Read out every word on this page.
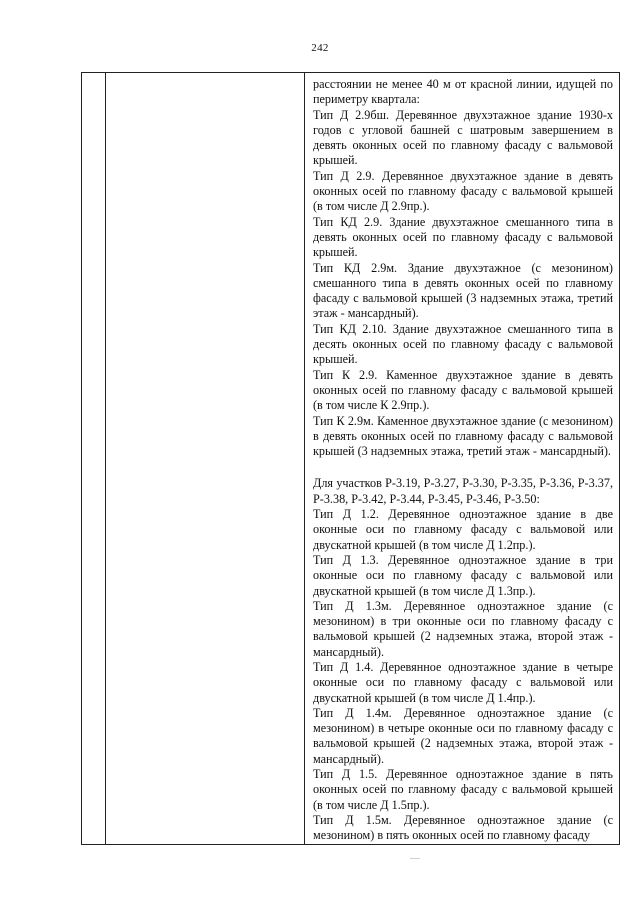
242

расстоянии не менее 40 м от красной линии, идущей по периметру квартала:

Тип Д 2.9бш. Деревянное двухэтажное здание 1930-х годов с угловой башней с шатровым завершением в девять оконных осей по главному фасаду с вальмовой крышей.

Тип Д 2.9. Деревянное двухэтажное здание в девять оконных осей по главному фасаду с вальмовой крышей (в том числе Д 2.9пр.).

Тип КД 2.9. Здание двухэтажное смешанного типа в девять оконных осей по главному фасаду с вальмовой крышей.

Тип КД 2.9м. Здание двухэтажное (с мезонином) смешанного типа в девять оконных осей по главному фасаду с вальмовой крышей (3 надземных этажа, третий этаж - мансардный).

Тип КД 2.10. Здание двухэтажное смешанного типа в десять оконных осей по главному фасаду с вальмовой крышей.

Тип К 2.9. Каменное двухэтажное здание в девять оконных осей по главному фасаду с вальмовой крышей (в том числе К 2.9пр.).

Тип К 2.9м. Каменное двухэтажное здание (с мезонином) в девять оконных осей по главному фасаду с вальмовой крышей (3 надземных этажа, третий этаж - мансардный).

Для участков Р-3.19, Р-3.27, Р-3.30, Р-3.35, Р-3.36, Р-3.37, Р-3.38, Р-3.42, Р-3.44, Р-3.45, Р-3.46, Р-3.50:

Тип Д 1.2. Деревянное одноэтажное здание в две оконные оси по главному фасаду с вальмовой или двускатной крышей (в том числе Д 1.2пр.).

Тип Д 1.3. Деревянное одноэтажное здание в три оконные оси по главному фасаду с вальмовой или двускатной крышей (в том числе Д 1.3пр.).

Тип Д 1.3м. Деревянное одноэтажное здание (с мезонином) в три оконные оси по главному фасаду с вальмовой крышей (2 надземных этажа, второй этаж - мансардный).

Тип Д 1.4. Деревянное одноэтажное здание в четыре оконные оси по главному фасаду с вальмовой или двускатной крышей (в том числе Д 1.4пр.).

Тип Д 1.4м. Деревянное одноэтажное здание (с мезонином) в четыре оконные оси по главному фасаду с вальмовой крышей (2 надземных этажа, второй этаж - мансардный).

Тип Д 1.5. Деревянное одноэтажное здание в пять оконных осей по главному фасаду с вальмовой крышей (в том числе Д 1.5пр.).

Тип Д 1.5м. Деревянное одноэтажное здание (с мезонином) в пять оконных осей по главному фасаду
